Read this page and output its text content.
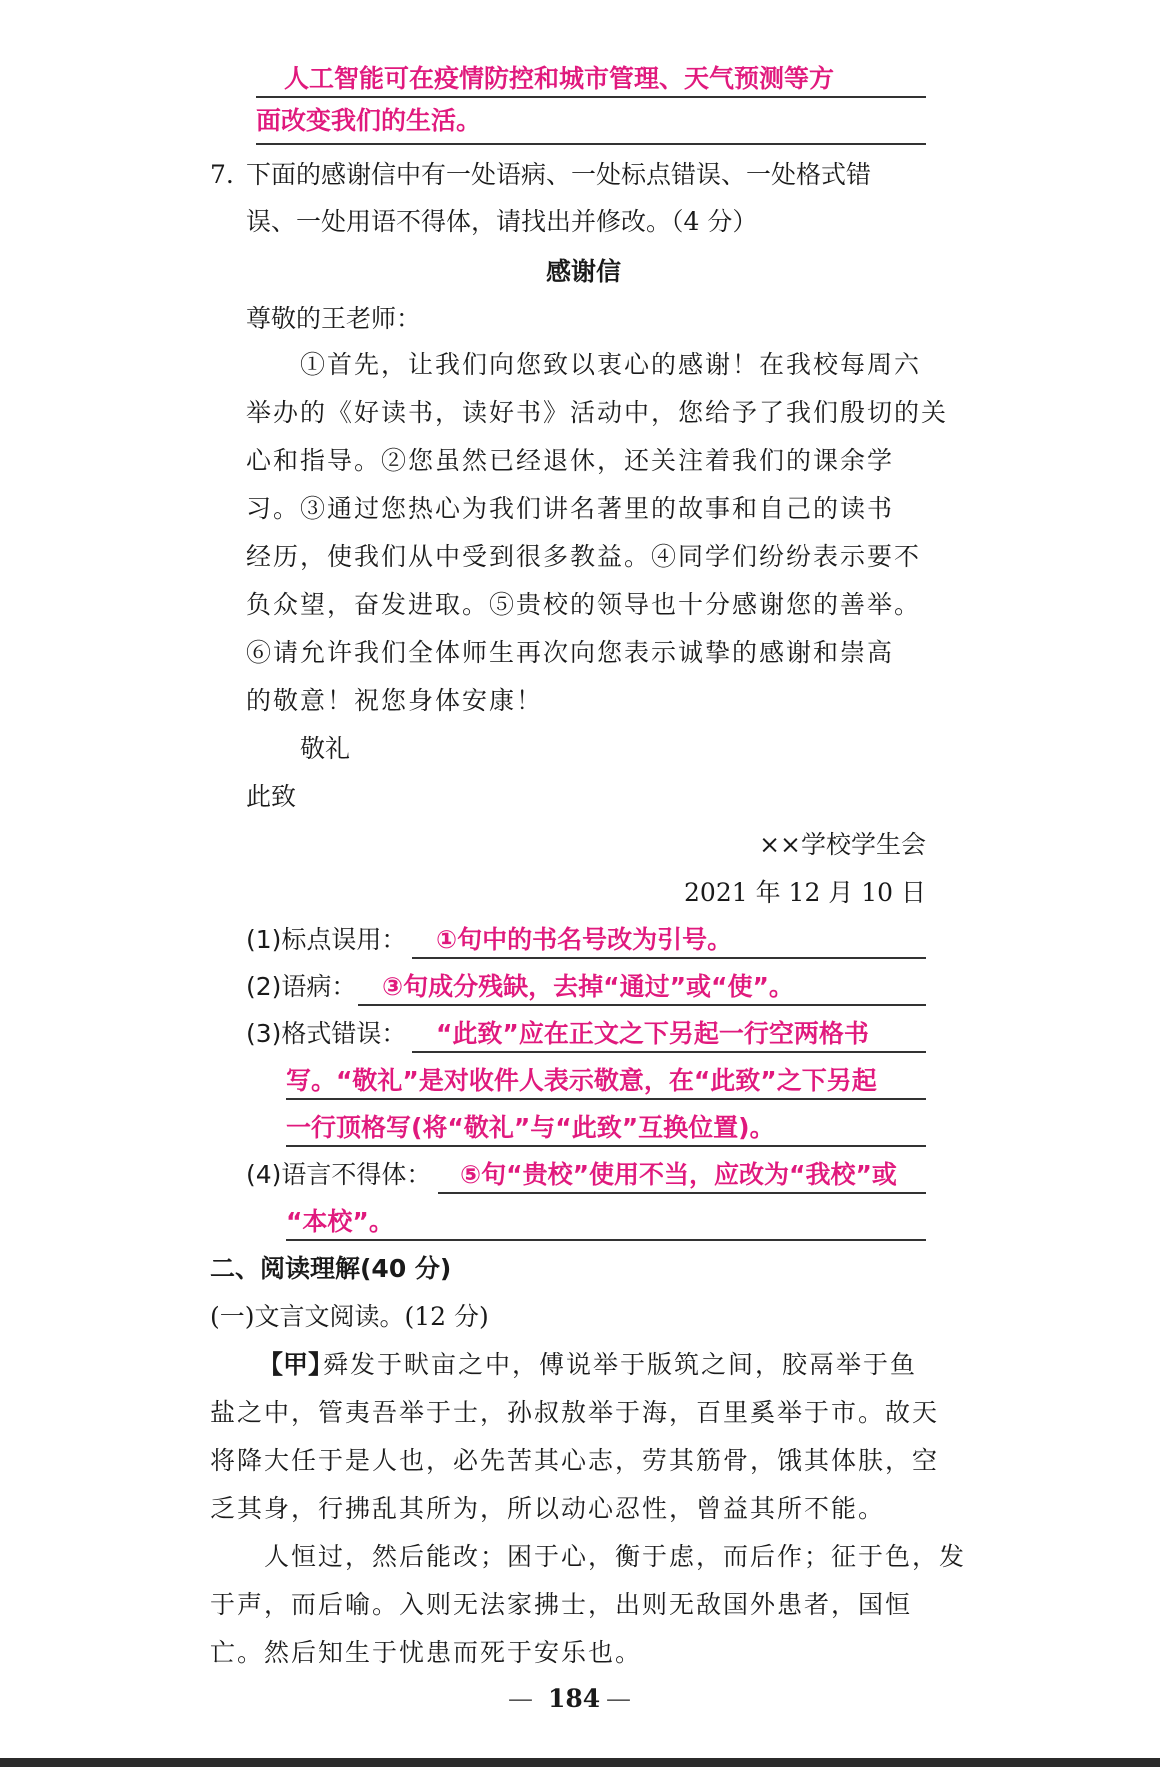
人工智能可在疫情防控和城市管理、天气预测等方
面改变我们的生活。
7. 下面的感谢信中有一处语病、一处标点错误、一处格式错
误、一处用语不得体，请找出并修改。（4 分）
感谢信
尊敬的王老师：
①首先，让我们向您致以衷心的感谢！在我校每周六
举办的《好读书，读好书》活动中，您给予了我们殷切的关
心和指导。②您虽然已经退休，还关注着我们的课余学
习。③通过您热心为我们讲名著里的故事和自己的读书
经历，使我们从中受到很多教益。④同学们纷纷表示要不
负众望，奋发进取。⑤贵校的领导也十分感谢您的善举。
⑥请允许我们全体师生再次向您表示诚挚的感谢和崇高
的敬意！祝您身体安康！
敬礼
此致
××学校学生会
2021 年 12 月 10 日
(1)标点误用： ①句中的书名号改为引号。
(2)语病： ③句成分残缺，去掉“通过”或“使”。
(3)格式错误： “此致”应在正文之下另起一行空两格书
写。“敬礼”是对收件人表示敬意，在“此致”之下另起
一行顶格写(将“敬礼”与“此致”互换位置)。
(4)语言不得体： ⑤句“贵校”使用不当，应改为“我校”或
“本校”。
二、阅读理解(40 分)
(一)文言文阅读。(12 分)
【甲】
舜发于畎亩之中，傅说举于版筑之间，胶鬲举于鱼
盐之中，管夷吾举于士，孙叔敖举于海，百里奚举于市。故天
将降大任于是人也，必先苦其心志，劳其筋骨，饿其体肤，空
乏其身，行拂乱其所为，所以动心忍性，曾益其所不能。
人恒过，然后能改；困于心，衡于虑，而后作；征于色，发
于声，而后喻。入则无法家拂士，出则无敌国外患者，国恒
亡。然后知生于忧患而死于安乐也。
— 184 —
